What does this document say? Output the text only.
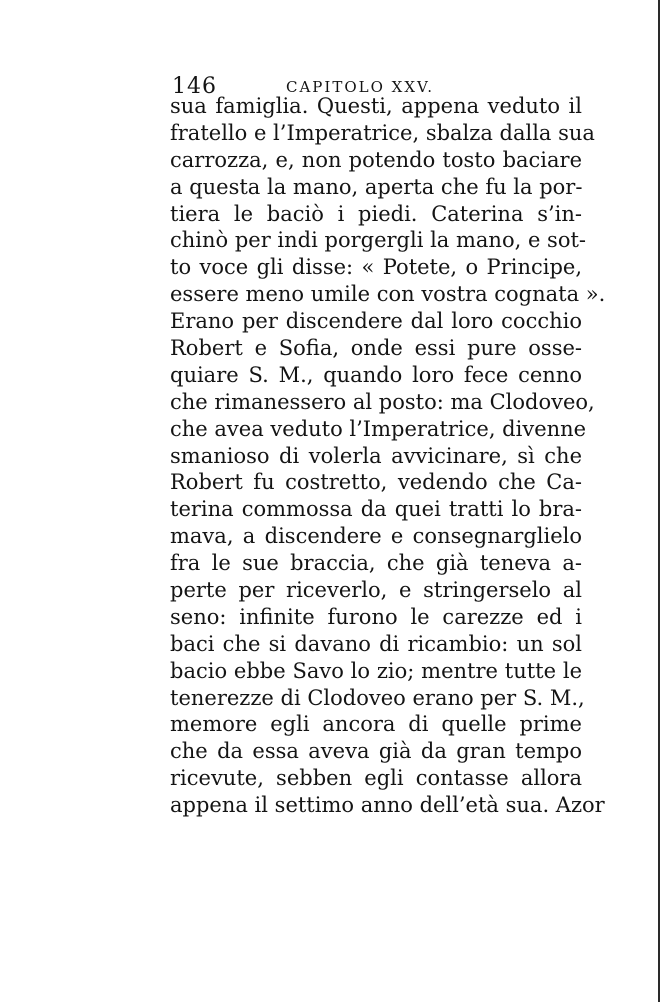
146	CAPITOLO XXV.
sua famiglia. Questi, appena veduto il
fratello e l’Imperatrice, sbalza dalla sua
carrozza, e, non potendo tosto baciare
a questa la mano, aperta che fu la por-
tiera le baciò i piedi. Caterina s’in-
chinò per indi porgergli la mano, e sot-
to voce gli disse: « Potete, o Principe,
essere meno umile con vostra cognata ».
Erano per discendere dal loro cocchio
Robert e Sofia, onde essi pure osse-
quiare S. M., quando loro fece cenno
che rimanessero al posto: ma Clodoveo,
che avea veduto l’Imperatrice, divenne
smanioso di volerla avvicinare, sì che
Robert fu costretto, vedendo che Ca-
terina commossa da quei tratti lo bra-
mava, a discendere e consegnarglielo
fra le sue braccia, che già teneva a-
perte per riceverlo, e stringerselo al
seno: infinite furono le carezze ed i
baci che si davano di ricambio: un sol
bacio ebbe Savo lo zio; mentre tutte le
tenerezze di Clodoveo erano per S. M.,
memore egli ancora di quelle prime
che da essa aveva già da gran tempo
ricevute, sebben egli contasse allora
appena il settimo anno dell’età sua. Azor
